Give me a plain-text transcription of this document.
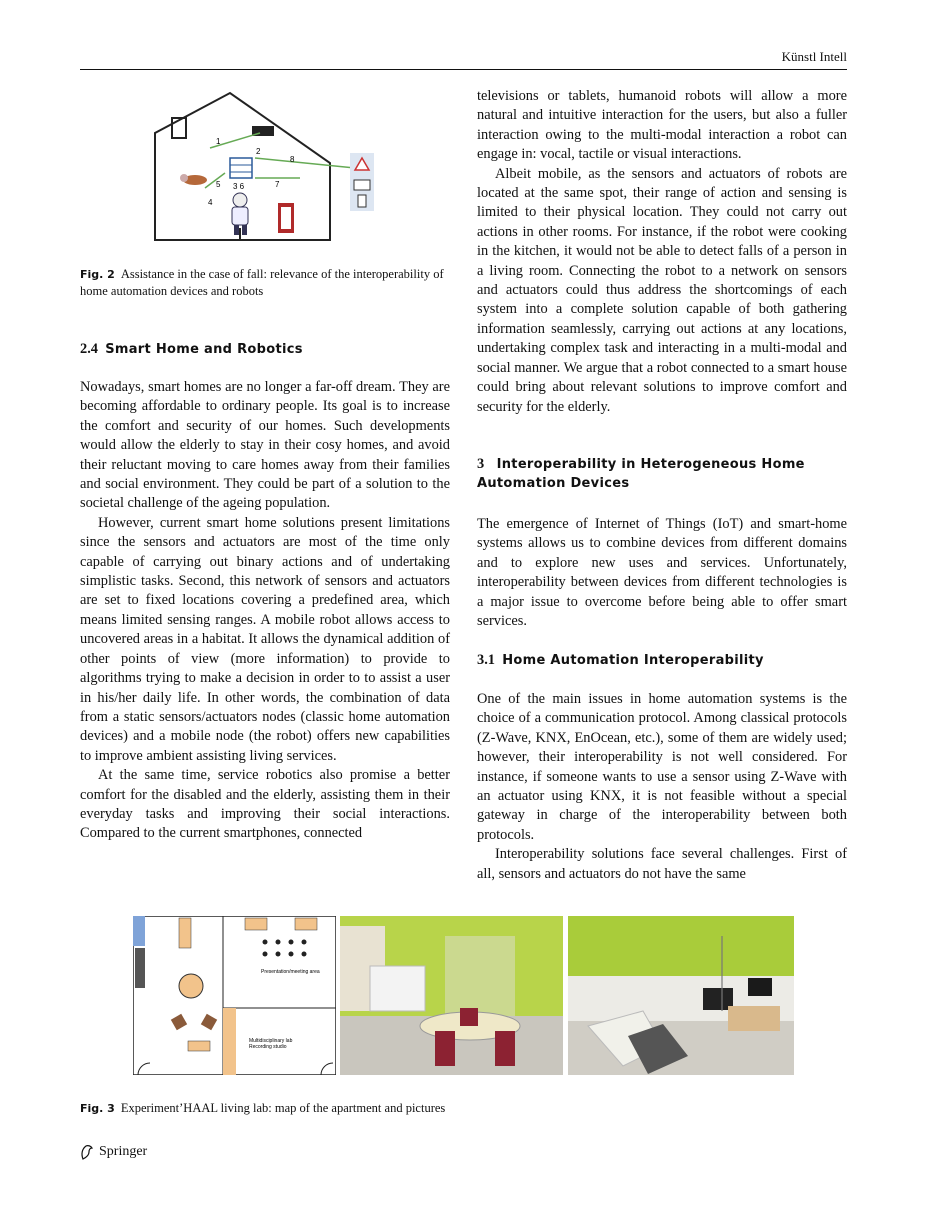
Künstl Intell
1
2
8
5 3 6	7
4
Fig. 2 Assistance in the case of fall: relevance of the interoperability of home automation devices and robots
2.4 Smart Home and Robotics

Nowadays, smart homes are no longer a far-off dream. They are becoming affordable to ordinary people. Its goal is to increase the comfort and security of our homes. Such developments would allow the elderly to stay in their cosy homes, and avoid their reluctant moving to care homes away from their families and social environment. They could be part of a solution to the societal challenge of the ageing population.

However, current smart home solutions present limitations since the sensors and actuators are most of the time only capable of carrying out binary actions and of undertaking simplistic tasks. Second, this network of sensors and actuators are set to fixed locations covering a predefined area, which means limited sensing ranges. A mobile robot allows access to uncovered areas in a habitat. It allows the dynamical addition of other points of view (more information) to provide to algorithms trying to make a decision in order to to assist a user in his/her daily life. In other words, the combination of data from a static sensors/actuators nodes (classic home automation devices) and a mobile node (the robot) offers new capabilities to improve ambient assisting living services.

At the same time, service robotics also promise a better comfort for the disabled and the elderly, assisting them in their everyday tasks and improving their social interactions. Compared to the current smartphones, connected

televisions or tablets, humanoid robots will allow a more natural and intuitive interaction for the users, but also a fuller interaction owing to the multi-modal interaction a robot can engage in: vocal, tactile or visual interactions.

Albeit mobile, as the sensors and actuators of robots are located at the same spot, their range of action and sensing is limited to their physical location. They could not carry out actions in other rooms. For instance, if the robot were cooking in the kitchen, it would not be able to detect falls of a person in a living room. Connecting the robot to a network on sensors and actuators could thus address the shortcomings of each system into a complete solution capable of both gathering information seamlessly, carrying out actions at any locations, undertaking complex task and interacting in a multi-modal and social manner. We argue that a robot connected to a smart house could bring about relevant solutions to improve comfort and security for the elderly.

3 Interoperability in Heterogeneous Home Automation Devices

The emergence of Internet of Things (IoT) and smart-home systems allows us to combine devices from different domains and to explore new uses and services. Unfortunately, interoperability between devices from different technologies is a major issue to overcome before being able to offer smart services.

3.1 Home Automation Interoperability

One of the main issues in home automation systems is the choice of a communication protocol. Among classical protocols (Z-Wave, KNX, EnOcean, etc.), some of them are widely used; however, their interoperability is not well considered. For instance, if someone wants to use a sensor using Z-Wave with an actuator using KNX, it is not feasible without a special gateway in charge of the interoperability between both protocols.

Interoperability solutions face several challenges. First of all, sensors and actuators do not have the same

Presentation/meeting area
Multidisciplinary lab
Recording studio
Fig. 3 Experiment’HAAL living lab: map of the apartment and pictures
Springer
